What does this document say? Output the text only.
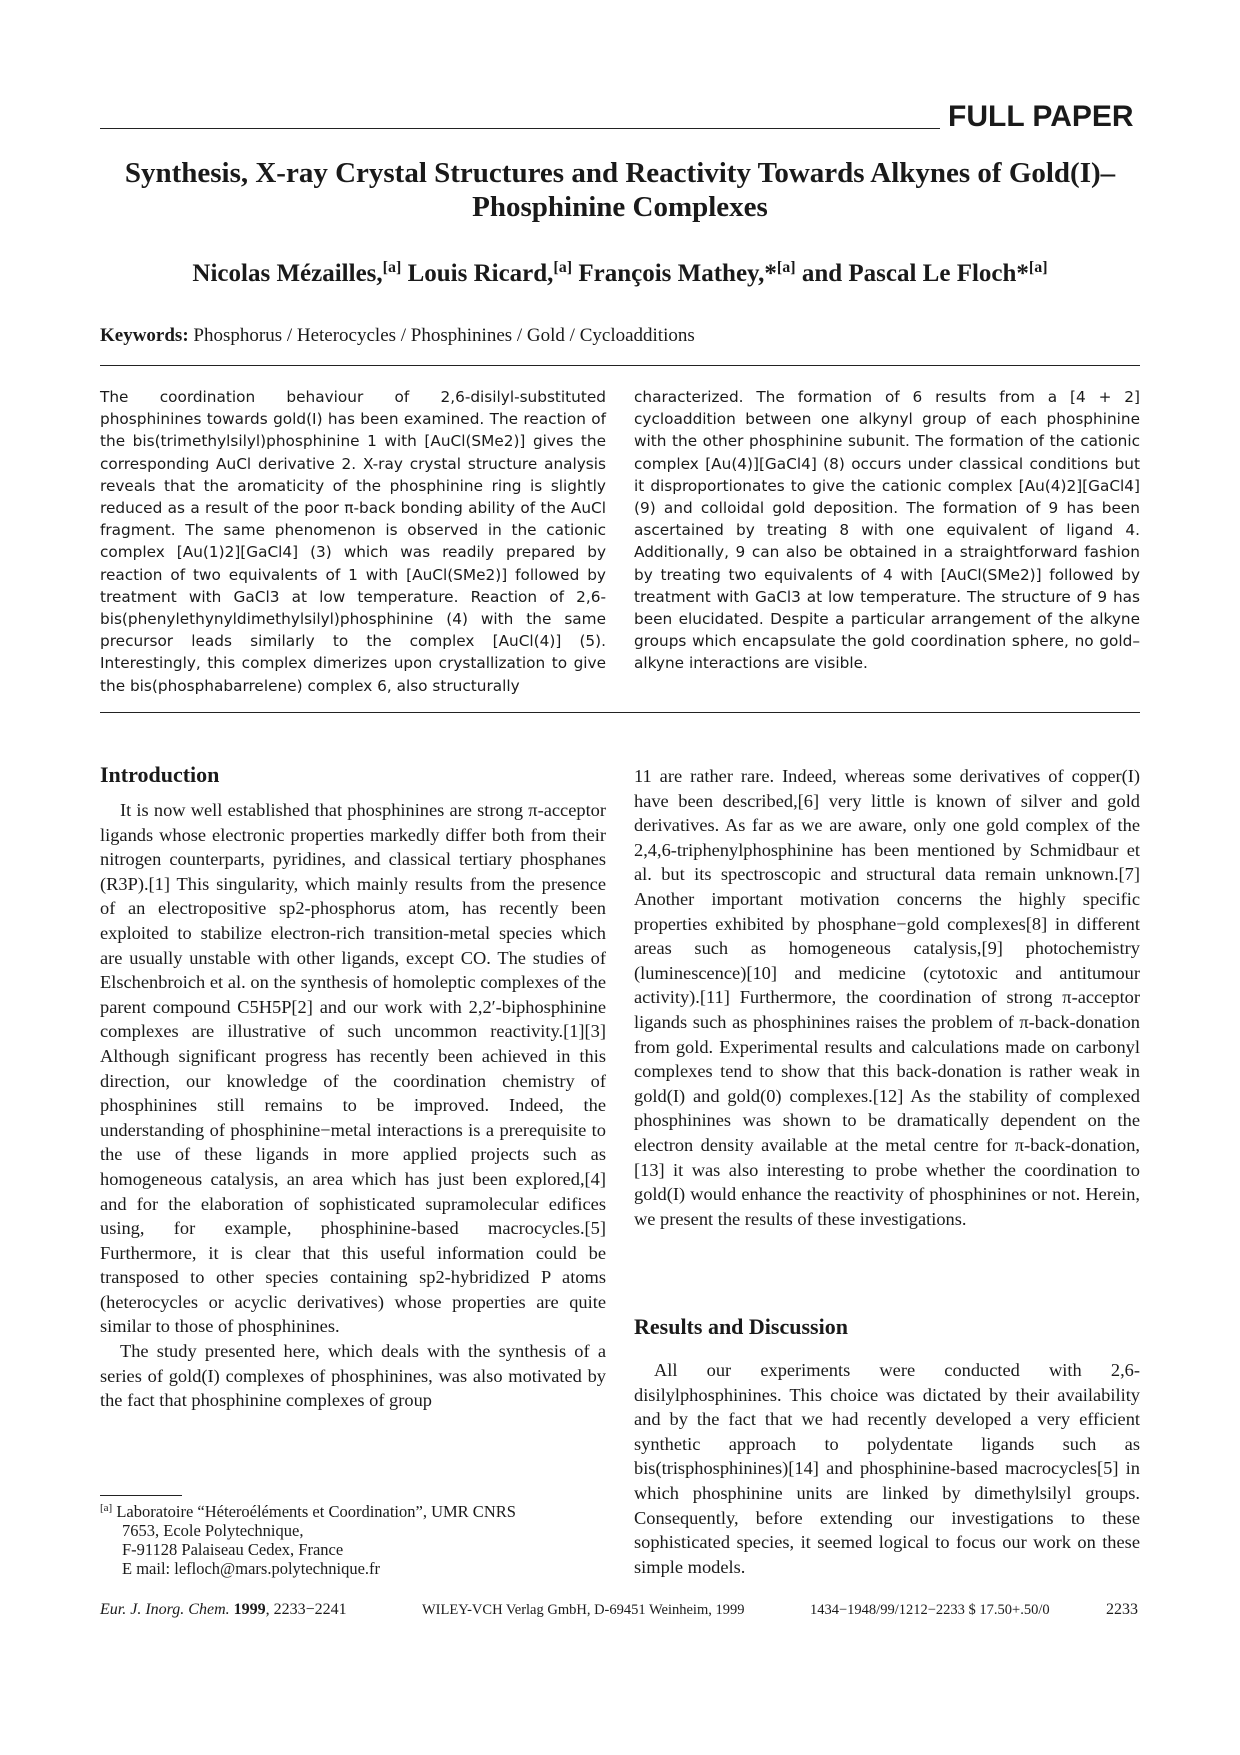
FULL PAPER
Synthesis, X-ray Crystal Structures and Reactivity Towards Alkynes of Gold(I)–Phosphinine Complexes
Nicolas Mézailles,[a] Louis Ricard,[a] François Mathey,*[a] and Pascal Le Floch*[a]
Keywords: Phosphorus / Heterocycles / Phosphinines / Gold / Cycloadditions
The coordination behaviour of 2,6-disilyl-substituted phosphinines towards gold(I) has been examined. The reaction of the bis(trimethylsilyl)phosphinine 1 with [AuCl(SMe2)] gives the corresponding AuCl derivative 2. X-ray crystal structure analysis reveals that the aromaticity of the phosphinine ring is slightly reduced as a result of the poor π-back bonding ability of the AuCl fragment. The same phenomenon is observed in the cationic complex [Au(1)2][GaCl4] (3) which was readily prepared by reaction of two equivalents of 1 with [AuCl(SMe2)] followed by treatment with GaCl3 at low temperature. Reaction of 2,6-bis(phenylethynyldimethylsilyl)phosphinine (4) with the same precursor leads similarly to the complex [AuCl(4)] (5). Interestingly, this complex dimerizes upon crystallization to give the bis(phosphabarrelene) complex 6, also structurally
characterized. The formation of 6 results from a [4 + 2] cycloaddition between one alkynyl group of each phosphinine with the other phosphinine subunit. The formation of the cationic complex [Au(4)][GaCl4] (8) occurs under classical conditions but it disproportionates to give the cationic complex [Au(4)2][GaCl4] (9) and colloidal gold deposition. The formation of 9 has been ascertained by treating 8 with one equivalent of ligand 4. Additionally, 9 can also be obtained in a straightforward fashion by treating two equivalents of 4 with [AuCl(SMe2)] followed by treatment with GaCl3 at low temperature. The structure of 9 has been elucidated. Despite a particular arrangement of the alkyne groups which encapsulate the gold coordination sphere, no gold–alkyne interactions are visible.
Introduction

It is now well established that phosphinines are strong π-acceptor ligands whose electronic properties markedly differ both from their nitrogen counterparts, pyridines, and classical tertiary phosphanes (R3P).[1] This singularity, which mainly results from the presence of an electropositive sp2-phosphorus atom, has recently been exploited to stabilize electron-rich transition-metal species which are usually unstable with other ligands, except CO. The studies of Elschenbroich et al. on the synthesis of homoleptic complexes of the parent compound C5H5P[2] and our work with 2,2′-biphosphinine complexes are illustrative of such uncommon reactivity.[1][3] Although significant progress has recently been achieved in this direction, our knowledge of the coordination chemistry of phosphinines still remains to be improved. Indeed, the understanding of phosphinine−metal interactions is a prerequisite to the use of these ligands in more applied projects such as homogeneous catalysis, an area which has just been explored,[4] and for the elaboration of sophisticated supramolecular edifices using, for example, phosphinine-based macrocycles.[5] Furthermore, it is clear that this useful information could be transposed to other species containing sp2-hybridized P atoms (heterocycles or acyclic derivatives) whose properties are quite similar to those of phosphinines.

The study presented here, which deals with the synthesis of a series of gold(I) complexes of phosphinines, was also motivated by the fact that phosphinine complexes of group

11 are rather rare. Indeed, whereas some derivatives of copper(I) have been described,[6] very little is known of silver and gold derivatives. As far as we are aware, only one gold complex of the 2,4,6-triphenylphosphinine has been mentioned by Schmidbaur et al. but its spectroscopic and structural data remain unknown.[7] Another important motivation concerns the highly specific properties exhibited by phosphane−gold complexes[8] in different areas such as homogeneous catalysis,[9] photochemistry (luminescence)[10] and medicine (cytotoxic and antitumour activity).[11] Furthermore, the coordination of strong π-acceptor ligands such as phosphinines raises the problem of π-back-donation from gold. Experimental results and calculations made on carbonyl complexes tend to show that this back-donation is rather weak in gold(I) and gold(0) complexes.[12] As the stability of complexed phosphinines was shown to be dramatically dependent on the electron density available at the metal centre for π-back-donation,[13] it was also interesting to probe whether the coordination to gold(I) would enhance the reactivity of phosphinines or not. Herein, we present the results of these investigations.

Results and Discussion

All our experiments were conducted with 2,6-disilylphosphinines. This choice was dictated by their availability and by the fact that we had recently developed a very efficient synthetic approach to polydentate ligands such as bis(trisphosphinines)[14] and phosphinine-based macrocycles[5] in which phosphinine units are linked by dimethylsilyl groups. Consequently, before extending our investigations to these sophisticated species, it seemed logical to focus our work on these simple models.

[a] Laboratoire “Héteroéléments et Coordination”, UMR CNRS
7653, Ecole Polytechnique,
F-91128 Palaiseau Cedex, France
E mail: lefloch@mars.polytechnique.fr
Eur. J. Inorg. Chem. 1999, 2233−2241	WILEY-VCH Verlag GmbH, D-69451 Weinheim, 1999	1434−1948/99/1212−2233 $ 17.50+.50/0	2233
